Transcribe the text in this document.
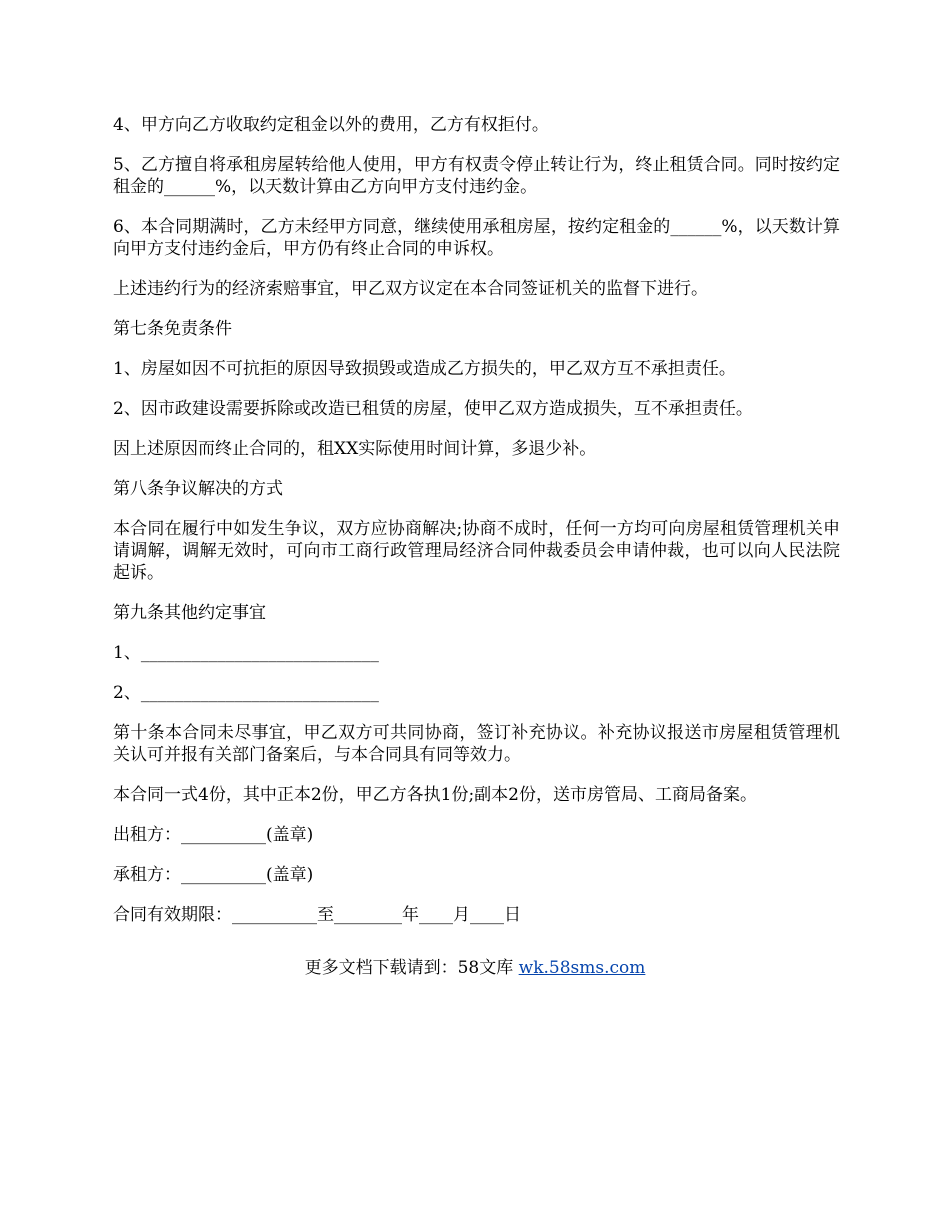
4、甲方向乙方收取约定租金以外的费用，乙方有权拒付。

5、乙方擅自将承租房屋转给他人使用，甲方有权责令停止转让行为，终止租赁合同。同时按约定租金的______%，以天数计算由乙方向甲方支付违约金。

6、本合同期满时，乙方未经甲方同意，继续使用承租房屋，按约定租金的______%，以天数计算向甲方支付违约金后，甲方仍有终止合同的申诉权。

上述违约行为的经济索赔事宜，甲乙双方议定在本合同签证机关的监督下进行。

第七条免责条件

1、房屋如因不可抗拒的原因导致损毁或造成乙方损失的，甲乙双方互不承担责任。

2、因市政建设需要拆除或改造已租赁的房屋，使甲乙双方造成损失，互不承担责任。

因上述原因而终止合同的，租XX实际使用时间计算，多退少补。

第八条争议解决的方式

本合同在履行中如发生争议，双方应协商解决;协商不成时，任何一方均可向房屋租赁管理机关申请调解，调解无效时，可向市工商行政管理局经济合同仲裁委员会申请仲裁，也可以向人民法院起诉。

第九条其他约定事宜

1、____________________________

2、____________________________

第十条本合同未尽事宜，甲乙双方可共同协商，签订补充协议。补充协议报送市房屋租赁管理机关认可并报有关部门备案后，与本合同具有同等效力。

本合同一式4份，其中正本2份，甲乙方各执1份;副本2份，送市房管局、工商局备案。

出租方：__________(盖章)

承租方：__________(盖章)

合同有效期限：__________至________年____月____日

更多文档下载请到：58文库 wk.58sms.com
